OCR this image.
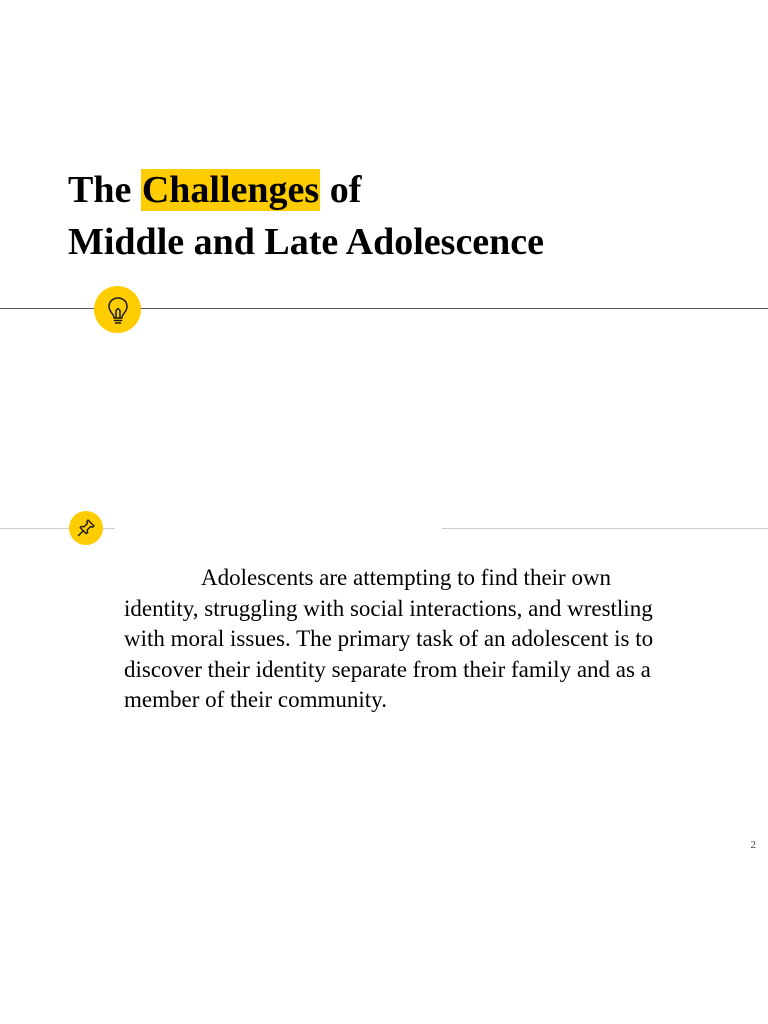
The Challenges of
Middle and Late Adolescence

Adolescents are attempting to find their own identity, struggling with social interactions, and wrestling with moral issues. The primary task of an adolescent is to discover their identity separate from their family and as a member of their community.

2
